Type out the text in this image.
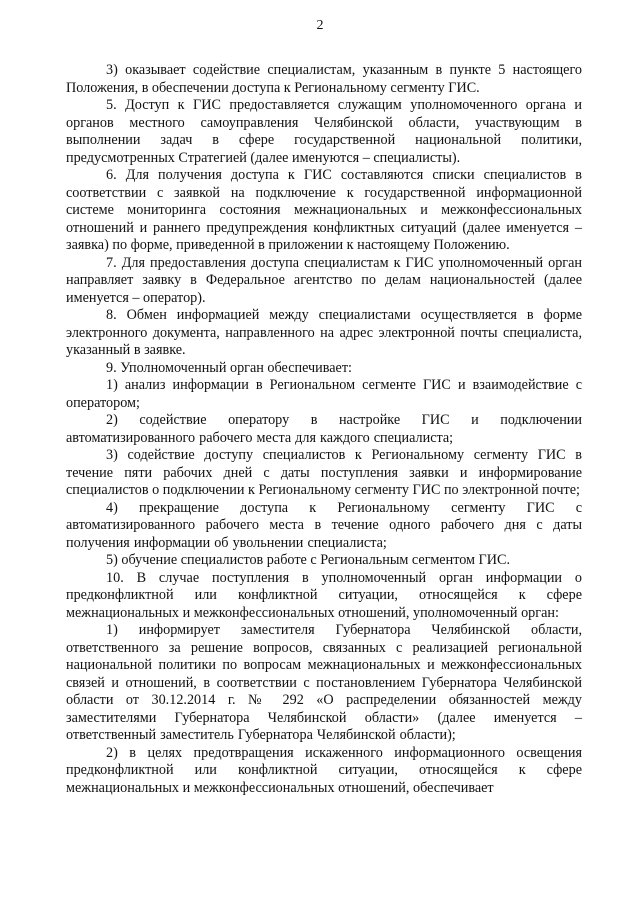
2

3) оказывает содействие специалистам, указанным в пункте 5 настоящего Положения, в обеспечении доступа к Региональному сегменту ГИС.

5. Доступ к ГИС предоставляется служащим уполномоченного органа и органов местного самоуправления Челябинской области, участвующим в выполнении задач в сфере государственной национальной политики, предусмотренных Стратегией (далее именуются – специалисты).

6. Для получения доступа к ГИС составляются списки специалистов в соответствии с заявкой на подключение к государственной информационной системе мониторинга состояния межнациональных и межконфессиональных отношений и раннего предупреждения конфликтных ситуаций (далее именуется – заявка) по форме, приведенной в приложении к настоящему Положению.

7. Для предоставления доступа специалистам к ГИС уполномоченный орган направляет заявку в Федеральное агентство по делам национальностей (далее именуется – оператор).

8. Обмен информацией между специалистами осуществляется в форме электронного документа, направленного на адрес электронной почты специалиста, указанный в заявке.

9. Уполномоченный орган обеспечивает:

1) анализ информации в Региональном сегменте ГИС и взаимодействие с оператором;

2) содействие оператору в настройке ГИС и подключении автоматизированного рабочего места для каждого специалиста;

3) содействие доступу специалистов к Региональному сегменту ГИС в течение пяти рабочих дней с даты поступления заявки и информирование специалистов о подключении к Региональному сегменту ГИС по электронной почте;

4) прекращение доступа к Региональному сегменту ГИС с автоматизированного рабочего места в течение одного рабочего дня с даты получения информации об увольнении специалиста;

5) обучение специалистов работе с Региональным сегментом ГИС.

10. В случае поступления в уполномоченный орган информации о предконфликтной или конфликтной ситуации, относящейся к сфере межнациональных и межконфессиональных отношений, уполномоченный орган:

1) информирует заместителя Губернатора Челябинской области, ответственного за решение вопросов, связанных с реализацией региональной национальной политики по вопросам межнациональных и межконфессиональных связей и отношений, в соответствии с постановлением Губернатора Челябинской области от 30.12.2014 г. № 292 «О распределении обязанностей между заместителями Губернатора Челябинской области» (далее именуется – ответственный заместитель Губернатора Челябинской области);

2) в целях предотвращения искаженного информационного освещения предконфликтной или конфликтной ситуации, относящейся к сфере межнациональных и межконфессиональных отношений, обеспечивает
